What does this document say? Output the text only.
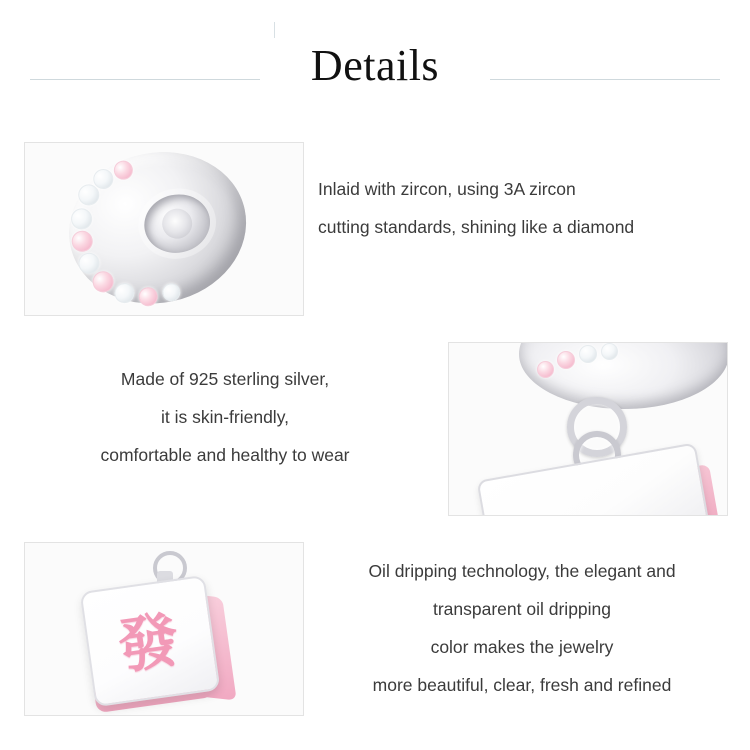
Details
Inlaid with zircon, using 3A zircon
cutting standards, shining like a diamond
Made of 925 sterling silver,
it is skin-friendly,
comfortable and healthy to wear
發
Oil dripping technology, the elegant and
transparent oil dripping
color makes the jewelry
more beautiful, clear, fresh and refined
